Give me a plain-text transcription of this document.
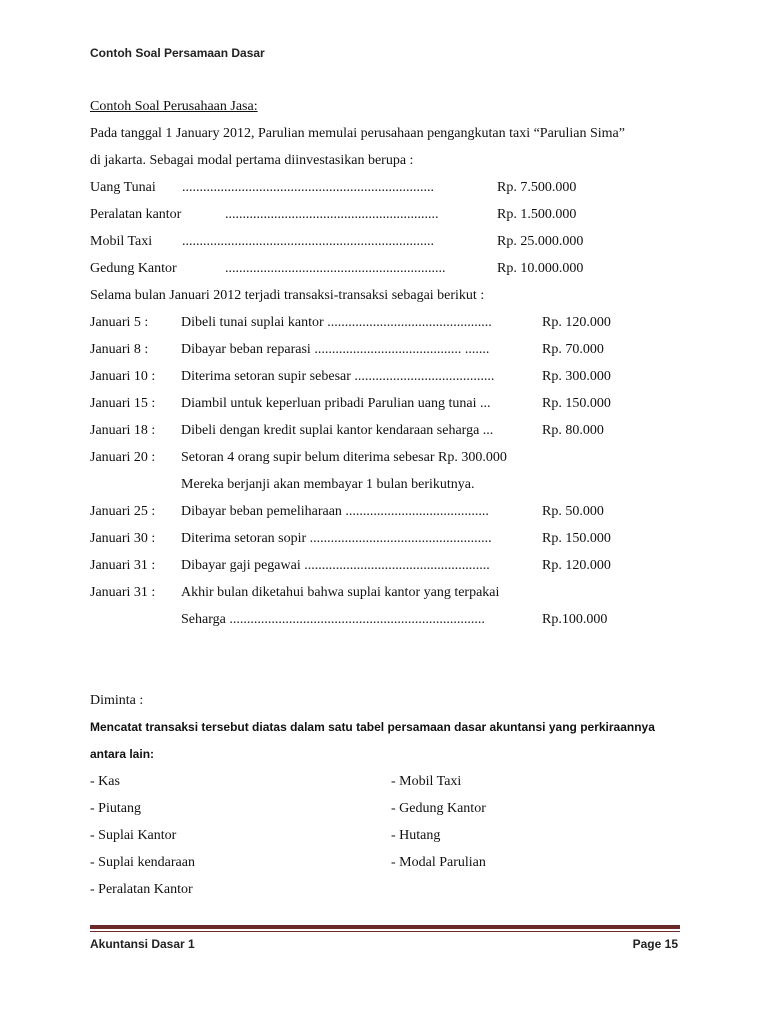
Contoh Soal Persamaan Dasar
Contoh Soal Perusahaan Jasa:
Pada tanggal 1 January 2012, Parulian memulai perusahaan pengangkutan taxi “Parulian Sima”
di jakarta. Sebagai modal pertama diinvestasikan berupa :
Uang Tunai ........................................................................	Rp. 7.500.000
Peralatan kantor	.............................................................	Rp. 1.500.000
Mobil Taxi ........................................................................	Rp. 25.000.000
Gedung Kantor	...............................................................	Rp. 10.000.000
Selama bulan Januari 2012 terjadi transaksi-transaksi sebagai berikut :
Januari 5 : Dibeli tunai suplai kantor ...............................................	Rp. 120.000
Januari 8 : Dibayar beban reparasi .......................................... .......	Rp. 70.000
Januari 10 : Diterima setoran supir sebesar ........................................	Rp. 300.000
Januari 15 : Diambil untuk keperluan pribadi Parulian uang tunai ...	Rp. 150.000
Januari 18 : Dibeli dengan kredit suplai kantor kendaraan seharga ...	Rp. 80.000
Januari 20 : Setoran 4 orang supir belum diterima sebesar Rp. 300.000
Mereka berjanji akan membayar 1 bulan berikutnya.
Januari 25 : Dibayar beban pemeliharaan .........................................	Rp. 50.000
Januari 30 : Diterima setoran sopir ....................................................	Rp. 150.000
Januari 31 : Dibayar gaji pegawai .....................................................	Rp. 120.000
Januari 31 : Akhir bulan diketahui bahwa suplai kantor yang terpakai
Seharga .........................................................................	Rp.100.000
Diminta :
Mencatat transaksi tersebut diatas dalam satu tabel persamaan dasar akuntansi yang perkiraannya
antara lain:
- Kas	- Mobil Taxi
- Piutang	- Gedung Kantor
- Suplai Kantor	- Hutang
- Suplai kendaraan	- Modal Parulian
- Peralatan Kantor
Akuntansi Dasar 1	Page 15
